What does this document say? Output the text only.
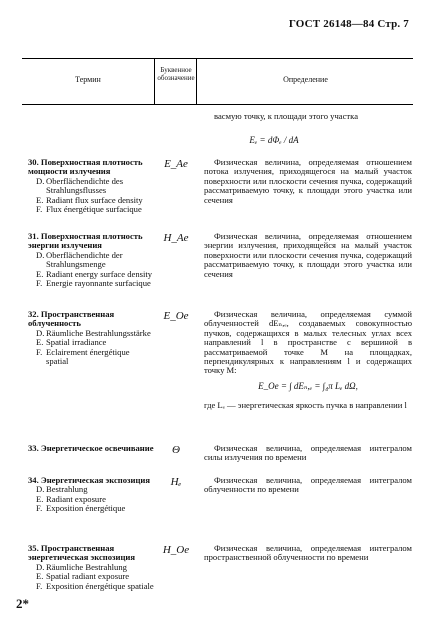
ГОСТ 26148—84 Стр. 7
Термин
Буквенное обозначение	Определение
васмую точку, к площади этого участка
Eₑ = dΦₑ / dA
30. Поверхностная плотность мощности излучения
D. Oberflächendichte des Strahlungsflusses
E. Radiant flux surface density
F. Flux énergétique surfacique
E_Ae	Физическая величина, определяемая отношением потока излучения, приходящегося на малый участок поверхности или плоскости сечения пучка, содержащий рассматриваемую точку, к площади этого участка или сечения
31. Поверхностная плотность энергии излучения
D. Oberflächendichte der Strahlungsmenge
E. Radiant energy surface density
F. Energie rayonnante surfacique
H_Ae	Физическая величина, определяемая отношением энергии излучения, приходящейся на малый участок поверхности или плоскости сечения пучка, содержащий рассматриваемую точку, к площади этого участка или сечения
32. Пространственная облученность
D. Räumliche Bestrahlungsstärke
E. Spatial irradiance
F. Eclairement énergétique spatial
E_Oe	Физическая величина, определяемая суммой облученностей dEₙ,ₑ, создаваемых совокупностью пучков, содержащихся в малых телесных углах всех направлений l в пространстве с вершиной в рассматриваемой точке M на площадках, перпендикулярных к направлениям l и содержащих точку M:
E_Oe = ∫ dEₙ,ₑ = ∫₄π Lₑ dΩ,
где Lₑ — энергетическая яркость пучка в направлении l
33. Энергетическое освечивание	Θ	Физическая величина, определяемая интегралом силы излучения по времени
34. Энергетическая экспозиция
D. Bestrahlung
E. Radiant exposure
F. Exposition énergétique
Hₑ	Физическая величина, определяемая интегралом облученности по времени
35. Пространственная энергетическая экспозиция
D. Räumliche Bestrahlung
E. Spatial radiant exposure
F. Exposition énergétique spatiale
H_Oe	Физическая величина, определяемая интегралом пространственной облученности по времени
2*
